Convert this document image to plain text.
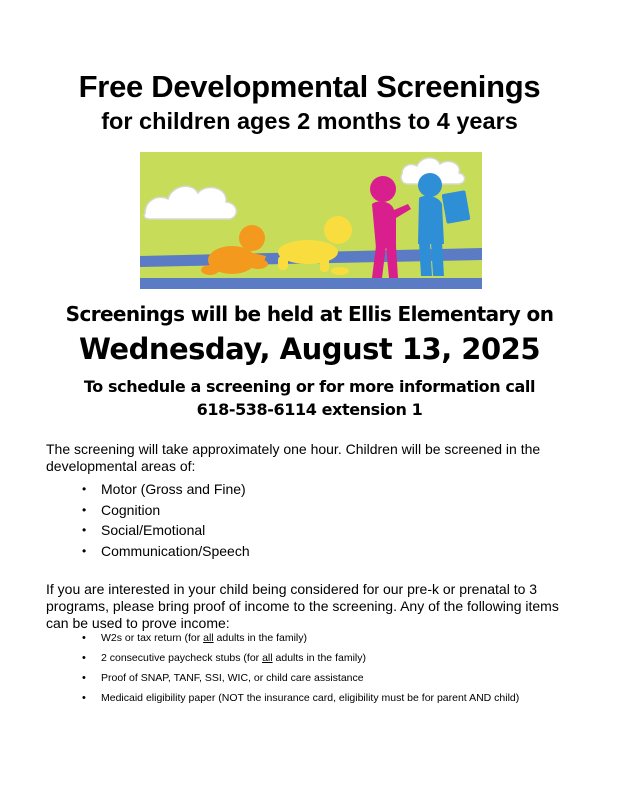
Free Developmental Screenings
for children ages 2 months to 4 years
Screenings will be held at Ellis Elementary on
Wednesday, August 13, 2025
To schedule a screening or for more information call
618-538-6114 extension 1

The screening will take approximately one hour. Children will be screened in the developmental areas of:

• Motor (Gross and Fine)
• Cognition
• Social/Emotional
• Communication/Speech

If you are interested in your child being considered for our pre-k or prenatal to 3 programs, please bring proof of income to the screening. Any of the following items can be used to prove income:

• W2s or tax return (for all adults in the family)
• 2 consecutive paycheck stubs (for all adults in the family)
• Proof of SNAP, TANF, SSI, WIC, or child care assistance
• Medicaid eligibility paper (NOT the insurance card, eligibility must be for parent AND child)
